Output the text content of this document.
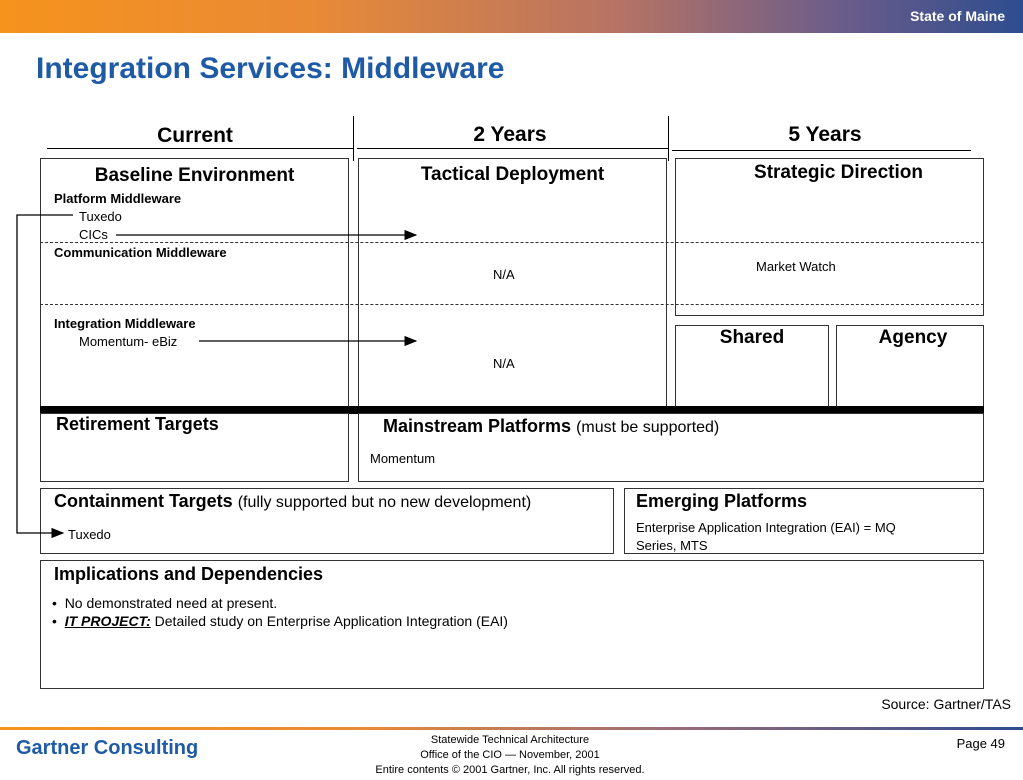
State of Maine
Integration Services: Middleware
Current	2 Years	5 Years
Baseline Environment
Platform Middleware
Tuxedo
CICs
Communication Middleware
Integration Middleware
Momentum- eBiz
Tactical Deployment
N/A
N/A
Strategic Direction
Market Watch
Shared	Agency
Retirement Targets	Mainstream Platforms (must be supported)
Momentum
Containment Targets (fully supported but no new development)
Tuxedo
Emerging Platforms
Enterprise Application Integration (EAI) = MQ
Series, MTS
Implications and Dependencies
•  No demonstrated need at present.
•  IT PROJECT: Detailed study on Enterprise Application Integration (EAI)
Source: Gartner/TAS
Gartner Consulting	Statewide Technical Architecture
Office of the CIO — November, 2001
Entire contents © 2001 Gartner, Inc. All rights reserved.
Page 49
